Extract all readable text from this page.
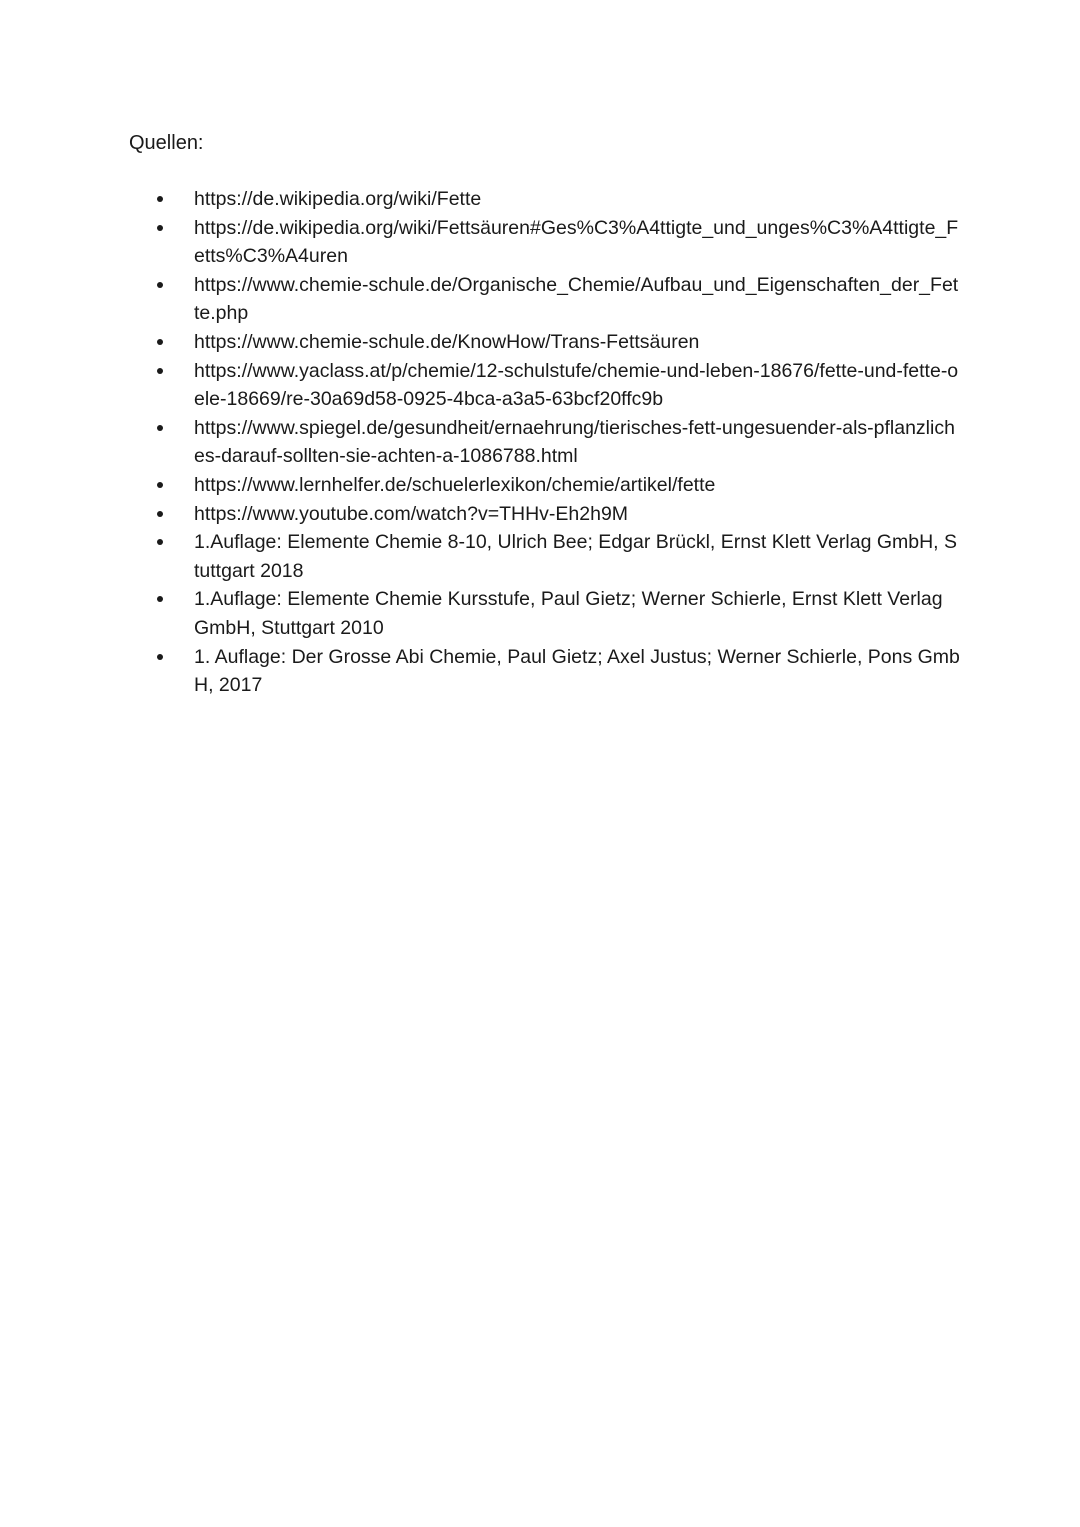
Quellen:
https://de.wikipedia.org/wiki/Fette
https://de.wikipedia.org/wiki/Fettsäuren#Ges%C3%A4ttigte_und_unges%C3%A4ttigte_Fetts%C3%A4uren
https://www.chemie-schule.de/Organische_Chemie/Aufbau_und_Eigenschaften_der_Fette.php
https://www.chemie-schule.de/KnowHow/Trans-Fettsäuren
https://www.yaclass.at/p/chemie/12-schulstufe/chemie-und-leben-18676/fette-und-fette-oele-18669/re-30a69d58-0925-4bca-a3a5-63bcf20ffc9b
https://www.spiegel.de/gesundheit/ernaehrung/tierisches-fett-ungesuender-als-pflanzliches-darauf-sollten-sie-achten-a-1086788.html
https://www.lernhelfer.de/schuelerlexikon/chemie/artikel/fette
https://www.youtube.com/watch?v=THHv-Eh2h9M
1.Auflage: Elemente Chemie 8-10, Ulrich Bee; Edgar Brückl, Ernst Klett Verlag GmbH, Stuttgart 2018
1.Auflage: Elemente Chemie Kursstufe, Paul Gietz; Werner Schierle, Ernst Klett Verlag GmbH, Stuttgart 2010
1. Auflage: Der Grosse Abi Chemie, Paul Gietz; Axel Justus; Werner Schierle, Pons GmbH, 2017
